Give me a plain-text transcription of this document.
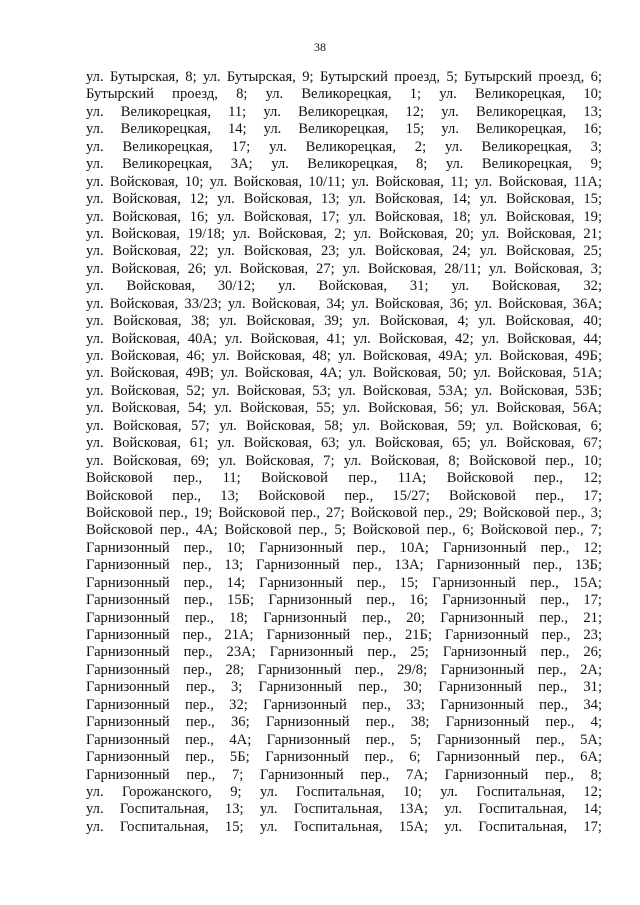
38
ул. Бутырская, 8; ул. Бутырская, 9; Бутырский проезд, 5; Бутырский проезд, 6;
Бутырский проезд, 8; ул. Великорецкая, 1; ул. Великорецкая, 10;
ул. Великорецкая, 11; ул. Великорецкая, 12; ул. Великорецкая, 13;
ул. Великорецкая, 14; ул. Великорецкая, 15; ул. Великорецкая, 16;
ул. Великорецкая, 17; ул. Великорецкая, 2; ул. Великорецкая, 3;
ул. Великорецкая, 3А; ул. Великорецкая, 8; ул. Великорецкая, 9;
ул. Войсковая, 10; ул. Войсковая, 10/11; ул. Войсковая, 11; ул. Войсковая, 11А;
ул. Войсковая, 12; ул. Войсковая, 13; ул. Войсковая, 14; ул. Войсковая, 15;
ул. Войсковая, 16; ул. Войсковая, 17; ул. Войсковая, 18; ул. Войсковая, 19;
ул. Войсковая, 19/18; ул. Войсковая, 2; ул. Войсковая, 20; ул. Войсковая, 21;
ул. Войсковая, 22; ул. Войсковая, 23; ул. Войсковая, 24; ул. Войсковая, 25;
ул. Войсковая, 26; ул. Войсковая, 27; ул. Войсковая, 28/11; ул. Войсковая, 3;
ул. Войсковая, 30/12; ул. Войсковая, 31; ул. Войсковая, 32;
ул. Войсковая, 33/23; ул. Войсковая, 34; ул. Войсковая, 36; ул. Войсковая, 36А;
ул. Войсковая, 38; ул. Войсковая, 39; ул. Войсковая, 4; ул. Войсковая, 40;
ул. Войсковая, 40А; ул. Войсковая, 41; ул. Войсковая, 42; ул. Войсковая, 44;
ул. Войсковая, 46; ул. Войсковая, 48; ул. Войсковая, 49А; ул. Войсковая, 49Б;
ул. Войсковая, 49В; ул. Войсковая, 4А; ул. Войсковая, 50; ул. Войсковая, 51А;
ул. Войсковая, 52; ул. Войсковая, 53; ул. Войсковая, 53А; ул. Войсковая, 53Б;
ул. Войсковая, 54; ул. Войсковая, 55; ул. Войсковая, 56; ул. Войсковая, 56А;
ул. Войсковая, 57; ул. Войсковая, 58; ул. Войсковая, 59; ул. Войсковая, 6;
ул. Войсковая, 61; ул. Войсковая, 63; ул. Войсковая, 65; ул. Войсковая, 67;
ул. Войсковая, 69; ул. Войсковая, 7; ул. Войсковая, 8; Войсковой пер., 10;
Войсковой пер., 11; Войсковой пер., 11А; Войсковой пер., 12;
Войсковой пер., 13; Войсковой пер., 15/27; Войсковой пер., 17;
Войсковой пер., 19; Войсковой пер., 27; Войсковой пер., 29; Войсковой пер., 3;
Войсковой пер., 4А; Войсковой пер., 5; Войсковой пер., 6; Войсковой пер., 7;
Гарнизонный пер., 10; Гарнизонный пер., 10А; Гарнизонный пер., 12;
Гарнизонный пер., 13; Гарнизонный пер., 13А; Гарнизонный пер., 13Б;
Гарнизонный пер., 14; Гарнизонный пер., 15; Гарнизонный пер., 15А;
Гарнизонный пер., 15Б; Гарнизонный пер., 16; Гарнизонный пер., 17;
Гарнизонный пер., 18; Гарнизонный пер., 20; Гарнизонный пер., 21;
Гарнизонный пер., 21А; Гарнизонный пер., 21Б; Гарнизонный пер., 23;
Гарнизонный пер., 23А; Гарнизонный пер., 25; Гарнизонный пер., 26;
Гарнизонный пер., 28; Гарнизонный пер., 29/8; Гарнизонный пер., 2А;
Гарнизонный пер., 3; Гарнизонный пер., 30; Гарнизонный пер., 31;
Гарнизонный пер., 32; Гарнизонный пер., 33; Гарнизонный пер., 34;
Гарнизонный пер., 36; Гарнизонный пер., 38; Гарнизонный пер., 4;
Гарнизонный пер., 4А; Гарнизонный пер., 5; Гарнизонный пер., 5А;
Гарнизонный пер., 5Б; Гарнизонный пер., 6; Гарнизонный пер., 6А;
Гарнизонный пер., 7; Гарнизонный пер., 7А; Гарнизонный пер., 8;
ул. Горожанского, 9; ул. Госпитальная, 10; ул. Госпитальная, 12;
ул. Госпитальная, 13; ул. Госпитальная, 13А; ул. Госпитальная, 14;
ул. Госпитальная, 15; ул. Госпитальная, 15А; ул. Госпитальная, 17;
